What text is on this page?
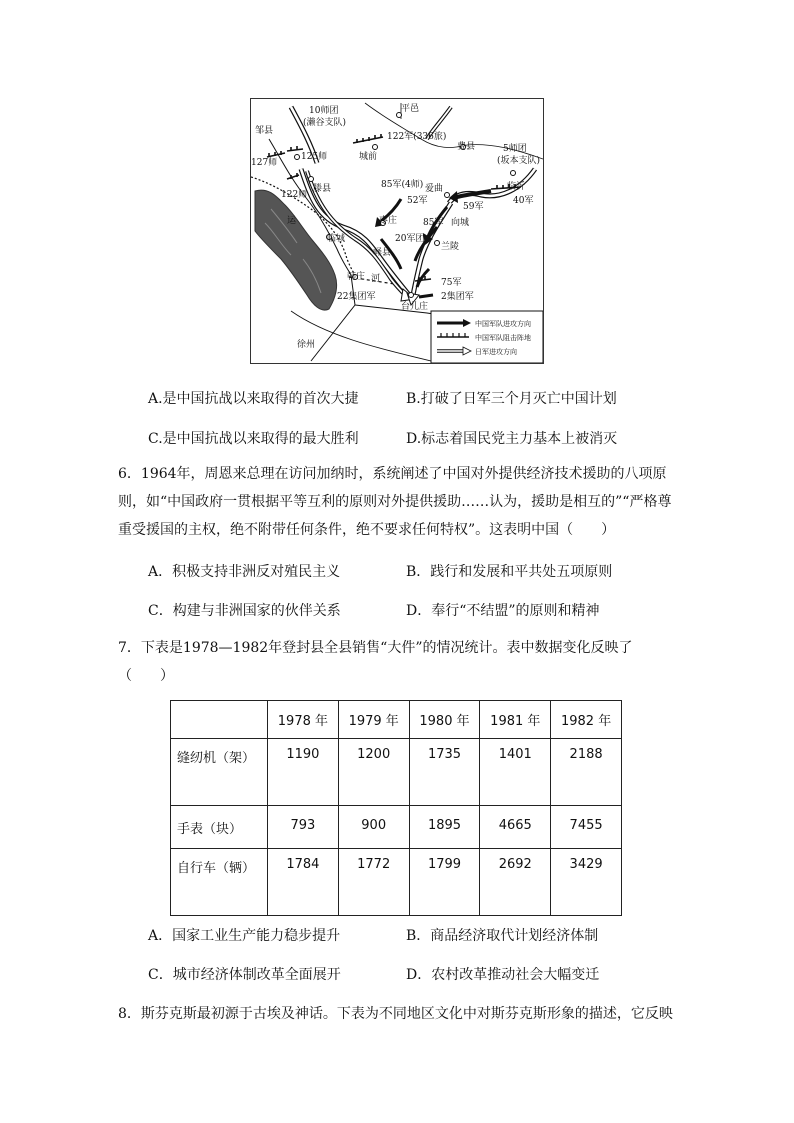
邹县
10师团
(濑谷支队)
平邑
122军(336旅)
费县	5师团
(坂本支队)
127师
125师
122师
滕县
城前
85军(4师) 爱曲	临沂
40军
52军
59军
运	枣庄	85军 向城
临城	20军团
兰陵
峄县
75军
韩庄 河
22集团军
台儿庄
2集团军
徐州
中国军队进攻方向
中国军队阻击阵地
日军进攻方向
A.是中国抗战以来取得的首次大捷	B.打破了日军三个月灭亡中国计划
C.是中国抗战以来取得的最大胜利	D.标志着国民党主力基本上被消灭
6．1964年，周恩来总理在访问加纳时，系统阐述了中国对外提供经济技术援助的八项原则，如“中国政府一贯根据平等互利的原则对外提供援助……认为，援助是相互的”“严格尊重受援国的主权，绝不附带任何条件，绝不要求任何特权”。这表明中国（　　）
A．积极支持非洲反对殖民主义	B．践行和发展和平共处五项原则
C．构建与非洲国家的伙伴关系	D．奉行“不结盟”的原则和精神
7．下表是1978—1982年登封县全县销售“大件”的情况统计。表中数据变化反映了（　　）
	1978 年	1979 年	1980 年	1981 年	1982 年
缝纫机（架）	1190	1200	1735	1401	2188
手表（块）	793	900	1895	4665	7455
自行车（辆）	1784	1772	1799	2692	3429
A．国家工业生产能力稳步提升	B．商品经济取代计划经济体制
C．城市经济体制改革全面展开	D．农村改革推动社会大幅变迁
8．斯芬克斯最初源于古埃及神话。下表为不同地区文化中对斯芬克斯形象的描述，它反映
